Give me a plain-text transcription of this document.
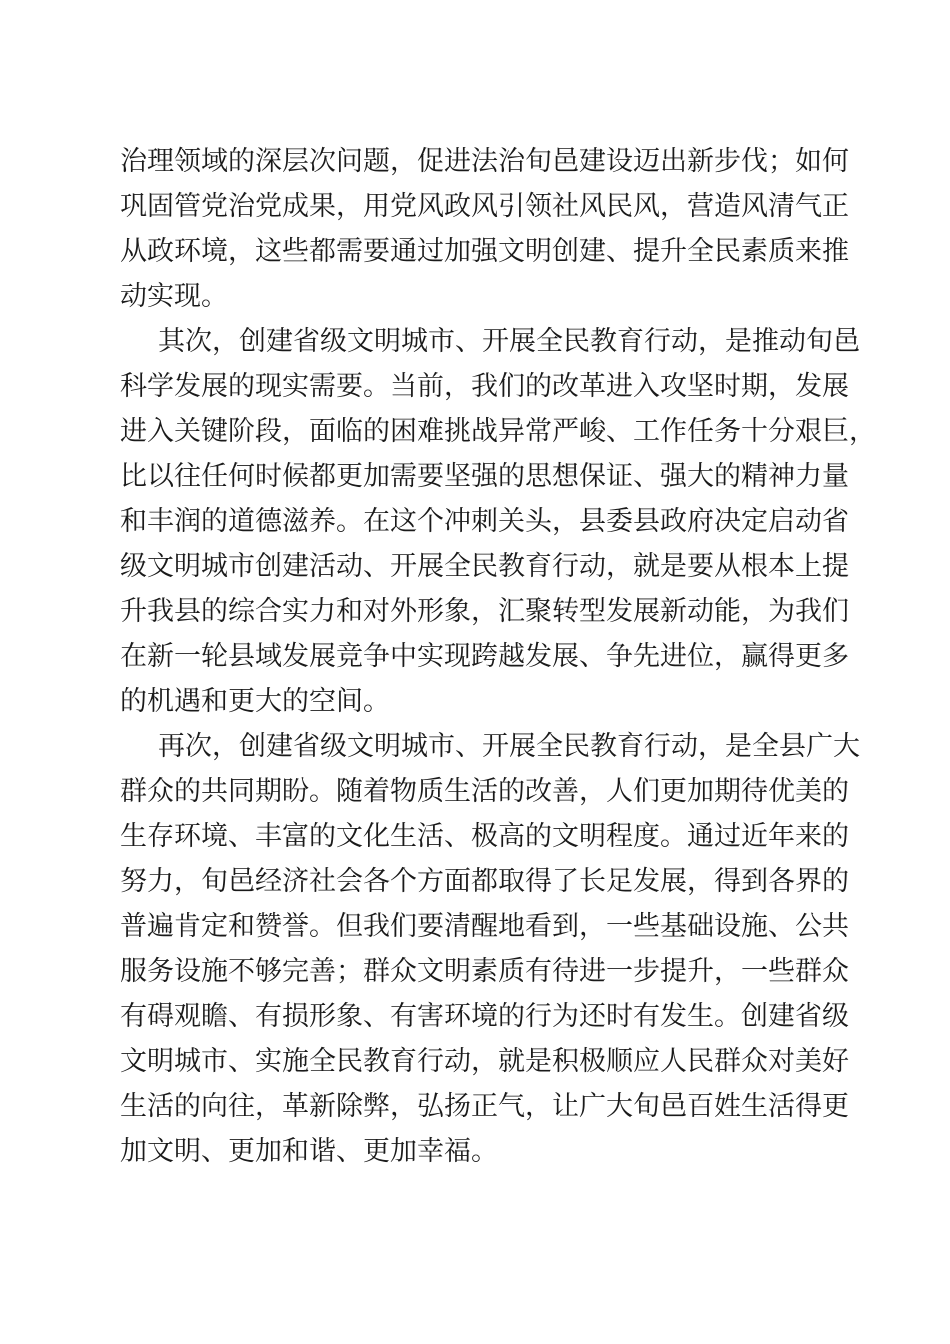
治理领域的深层次问题，促进法治旬邑建设迈出新步伐；如何
巩固管党治党成果，用党风政风引领社风民风，营造风清气正
从政环境，这些都需要通过加强文明创建、提升全民素质来推
动实现。
其次，创建省级文明城市、开展全民教育行动，是推动旬邑
科学发展的现实需要。当前，我们的改革进入攻坚时期，发展
进入关键阶段，面临的困难挑战异常严峻、工作任务十分艰巨，
比以往任何时候都更加需要坚强的思想保证、强大的精神力量
和丰润的道德滋养。在这个冲刺关头，县委县政府决定启动省
级文明城市创建活动、开展全民教育行动，就是要从根本上提
升我县的综合实力和对外形象，汇聚转型发展新动能，为我们
在新一轮县域发展竞争中实现跨越发展、争先进位，赢得更多
的机遇和更大的空间。
再次，创建省级文明城市、开展全民教育行动，是全县广大
群众的共同期盼。随着物质生活的改善，人们更加期待优美的
生存环境、丰富的文化生活、极高的文明程度。通过近年来的
努力，旬邑经济社会各个方面都取得了长足发展，得到各界的
普遍肯定和赞誉。但我们要清醒地看到，一些基础设施、公共
服务设施不够完善；群众文明素质有待进一步提升，一些群众
有碍观瞻、有损形象、有害环境的行为还时有发生。创建省级
文明城市、实施全民教育行动，就是积极顺应人民群众对美好
生活的向往，革新除弊，弘扬正气，让广大旬邑百姓生活得更
加文明、更加和谐、更加幸福。
